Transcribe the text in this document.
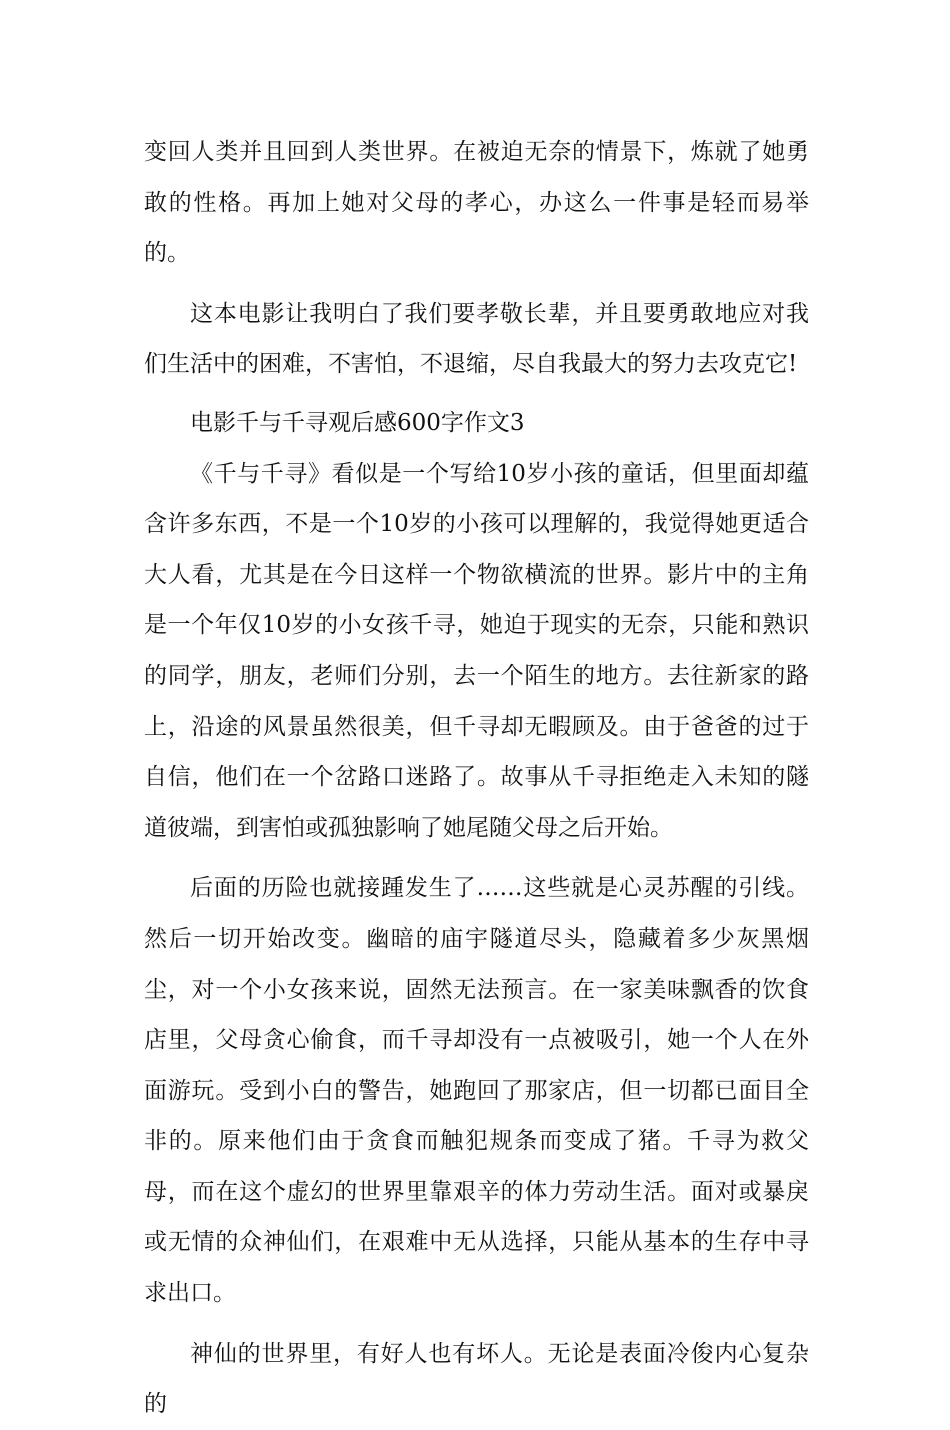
变回人类并且回到人类世界。在被迫无奈的情景下，炼就了她勇敢的性格。再加上她对父母的孝心，办这么一件事是轻而易举的。

这本电影让我明白了我们要孝敬长辈，并且要勇敢地应对我们生活中的困难，不害怕，不退缩，尽自我最大的努力去攻克它!

电影千与千寻观后感600字作文3

《千与千寻》看似是一个写给10岁小孩的童话，但里面却蕴含许多东西，不是一个10岁的小孩可以理解的，我觉得她更适合大人看，尤其是在今日这样一个物欲横流的世界。影片中的主角是一个年仅10岁的小女孩千寻，她迫于现实的无奈，只能和熟识的同学，朋友，老师们分别，去一个陌生的地方。去往新家的路上，沿途的风景虽然很美，但千寻却无暇顾及。由于爸爸的过于自信，他们在一个岔路口迷路了。故事从千寻拒绝走入未知的隧道彼端，到害怕或孤独影响了她尾随父母之后开始。

后面的历险也就接踵发生了……这些就是心灵苏醒的引线。然后一切开始改变。幽暗的庙宇隧道尽头，隐藏着多少灰黑烟尘，对一个小女孩来说，固然无法预言。在一家美味飘香的饮食店里，父母贪心偷食，而千寻却没有一点被吸引，她一个人在外面游玩。受到小白的警告，她跑回了那家店，但一切都已面目全非的。原来他们由于贪食而触犯规条而变成了猪。千寻为救父母，而在这个虚幻的世界里靠艰辛的体力劳动生活。面对或暴戾或无情的众神仙们，在艰难中无从选择，只能从基本的生存中寻求出口。

神仙的世界里，有好人也有坏人。无论是表面冷俊内心复杂的
